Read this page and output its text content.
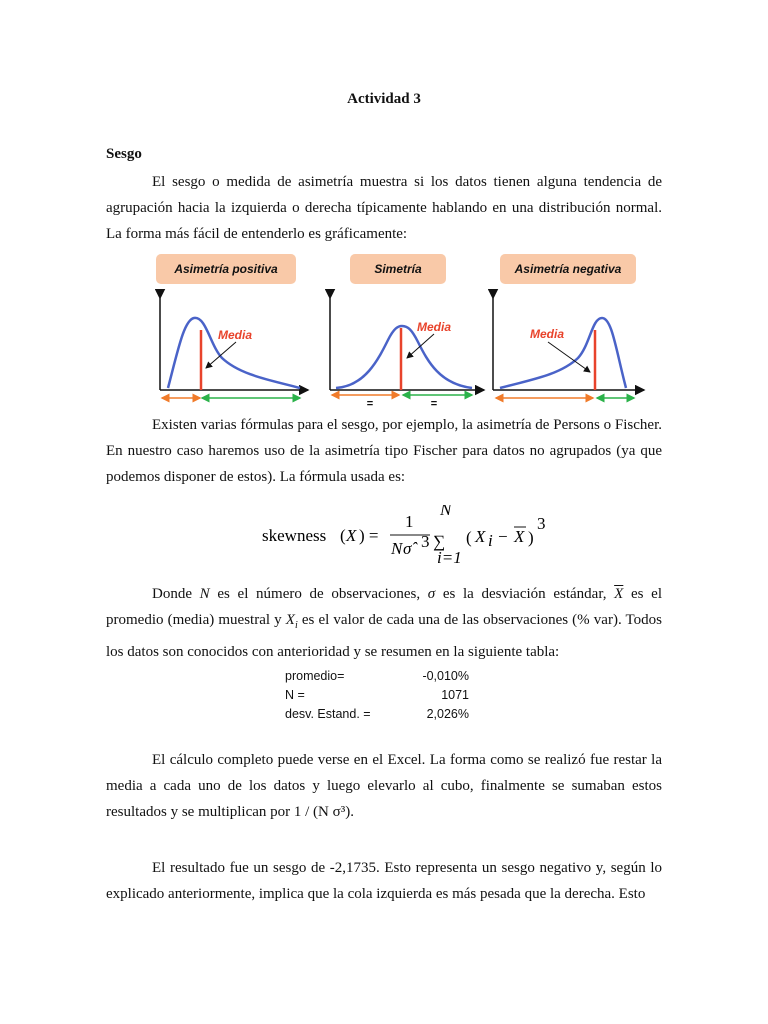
Actividad 3
Sesgo

El sesgo o medida de asimetría muestra si los datos tienen alguna tendencia de agrupación hacia la izquierda o derecha típicamente hablando en una distribución normal. La forma más fácil de entenderlo es gráficamente:

Asimetría positiva
Media
Simetría
Media
=	=
Asimetría negativa
Media

Existen varias fórmulas para el sesgo, por ejemplo, la asimetría de Persons o Fischer. En nuestro caso haremos uso de la asimetría tipo Fischer para datos no agrupados (ya que podemos disponer de estos). La fórmula usada es:

skewness ( X ) =
1
N σ̂ 3
N
∑
i=1
( X i − X )
3

Donde N es el número de observaciones, σ es la desviación estándar, $\overline{X}$ es el promedio (media) muestral y $X_i$ es el valor de cada una de las observaciones (% var). Todos los datos son conocidos con anterioridad y se resumen en la siguiente tabla:

promedio=	-0,010%
N =	1071
desv. Estand. =	2,026%

El cálculo completo puede verse en el Excel. La forma como se realizó fue restar la media a cada uno de los datos y luego elevarlo al cubo, finalmente se sumaban estos resultados y se multiplican por 1 / (N σ³).

El resultado fue un sesgo de -2,1735. Esto representa un sesgo negativo y, según lo explicado anteriormente, implica que la cola izquierda es más pesada que la derecha. Esto
